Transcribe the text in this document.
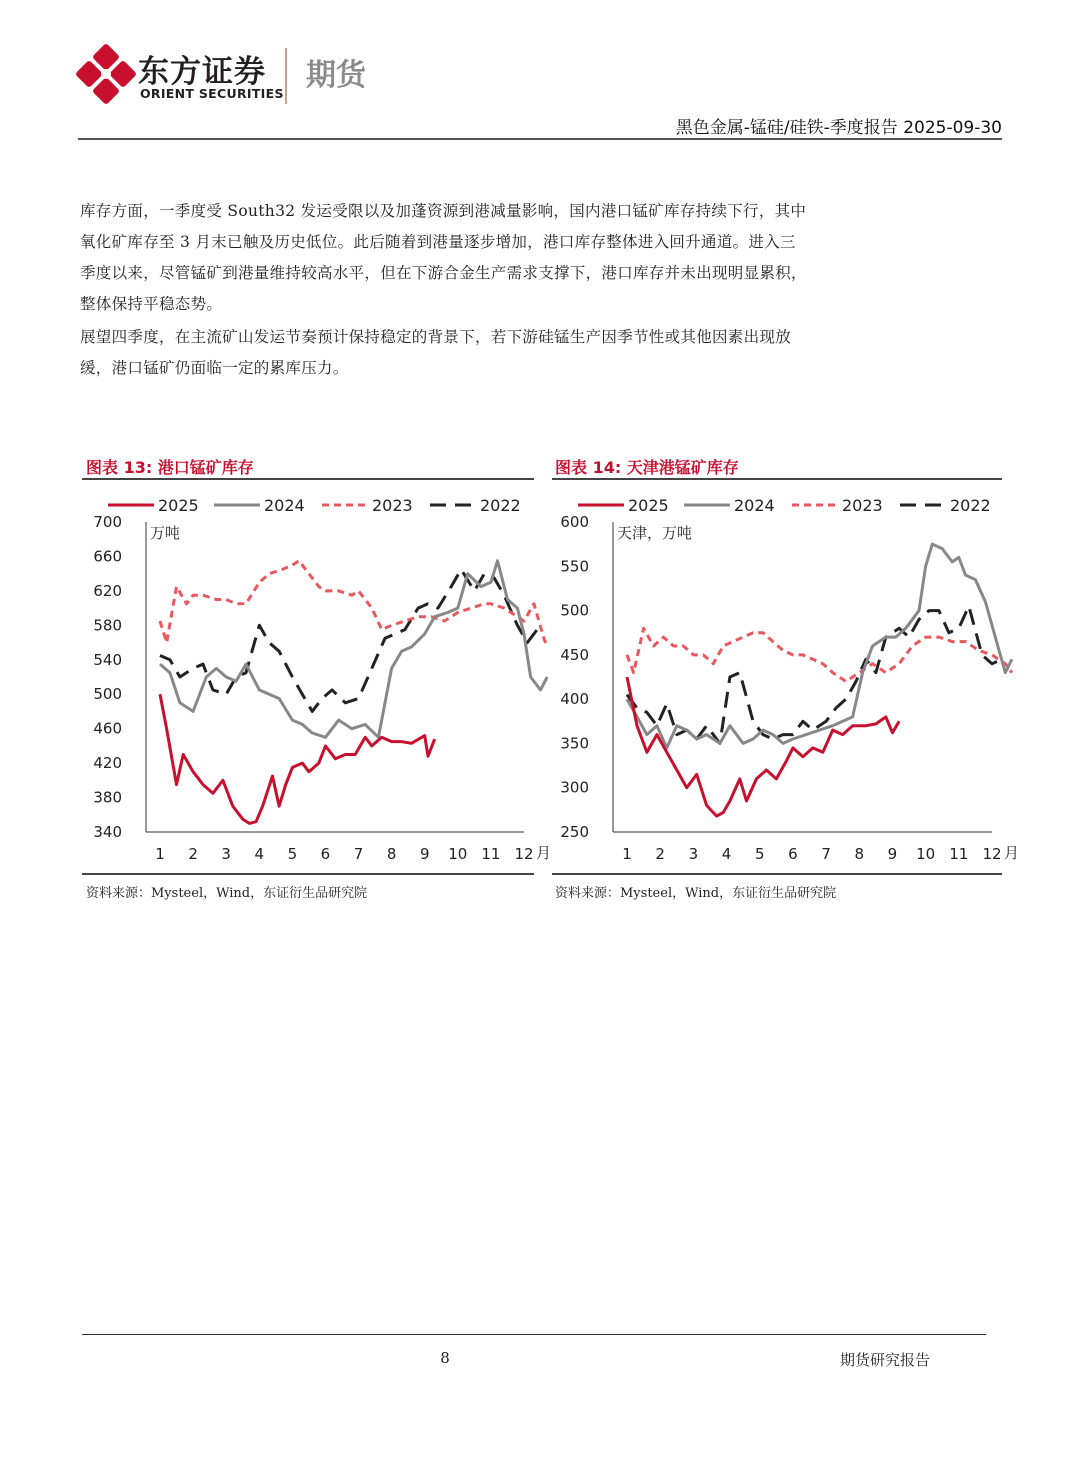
东方证券
ORIENT SECURITIES
期货
黑色金属-锰硅/硅铁-季度报告 2025-09-30
库存方面，一季度受 South32 发运受限以及加蓬资源到港减量影响，国内港口锰矿库存持续下行，其中氧化矿库存至 3 月末已触及历史低位。此后随着到港量逐步增加，港口库存整体进入回升通道。进入三季度以来，尽管锰矿到港量维持较高水平，但在下游合金生产需求支撑下，港口库存并未出现明显累积，整体保持平稳态势。
展望四季度，在主流矿山发运节奏预计保持稳定的背景下，若下游硅锰生产因季节性或其他因素出现放缓，港口锰矿仍面临一定的累库压力。
图表 13: 港口锰矿库存
2025	2024	2023	2022
340
380
420
460
500
540
580
620
660
700
万吨
1 2 3 4 5 6 7 8 9 10 11 12 月
资料来源：Mysteel，Wind，东证衍生品研究院
图表 14: 天津港锰矿库存
2025	2024	2023	2022
250
300
350
400
450
500
550
600
天津，万吨
1 2 3 4 5 6 7 8 9 10 11 12 月
资料来源：Mysteel，Wind，东证衍生品研究院
8	期货研究报告
